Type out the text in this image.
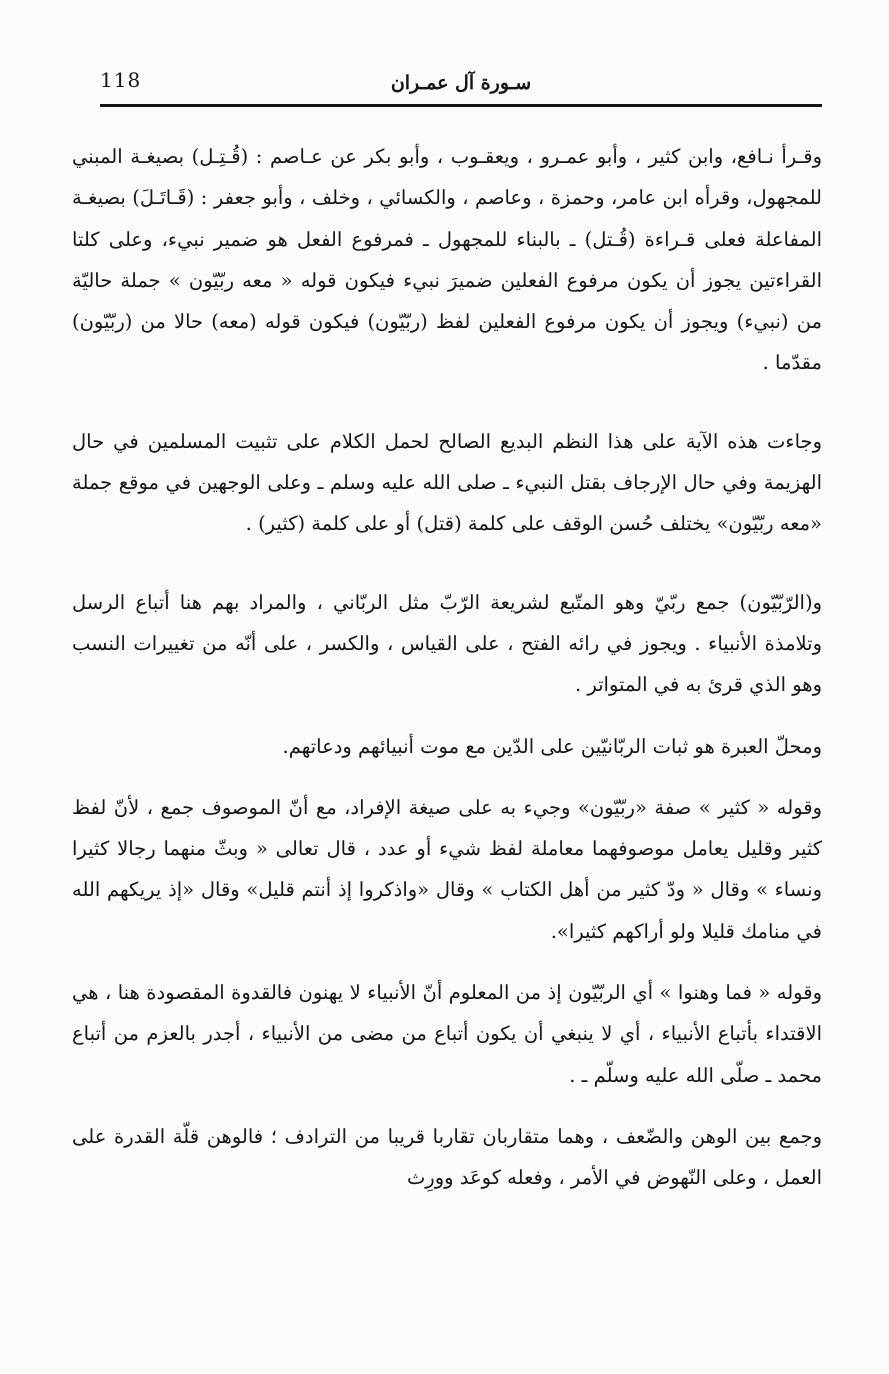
118	سـورة آل عمـران

وقـرأ نـافع، وابن كثير ، وأبو عمـرو ، ويعقـوب ، وأبو بكر عن عـاصم : (قُـتِـل) بصيغـة المبني للمجهول، وقرأه ابن عامر، وحمزة ، وعاصم ، والكسائي ، وخلف ، وأبو جعفر : (قَـاتَـلَ) بصيغـة المفاعلة فعلى قـراءة (قُـتل) ـ بالبناء للمجهول ـ فمرفوع الفعل هو ضمير نبيء، وعلى كلتا القراءتين يجوز أن يكون مرفوع الفعلين ضميرَ نبيء فيكون قوله « معه ربّيّون » جملة حاليّة من (نبيء) ويجوز أن يكون مرفوع الفعلين لفظ (ربّيّون) فيكون قوله (معه) حالا من (ربّيّون) مقدّما .

وجاءت هذه الآية على هذا النظم البديع الصالح لحمل الكلام على تثبيت المسلمين في حال الهزيمة وفي حال الإرجاف بقتل النبيء ـ صلى الله عليه وسلم ـ وعلى الوجهين في موقع جملة «معه ربّيّون» يختلف حُسن الوقف على كلمة (قتل) أو على كلمة (كثير) .

و(الرّبّيّون) جمع ربّيّ وهو المتّبع لشريعة الرّبّ مثل الربّاني ، والمراد بهم هنا أتباع الرسل وتلامذة الأنبياء . ويجوز في رائه الفتح ، على القياس ، والكسر ، على أنّه من تغييرات النسب وهو الذي قرئ به في المتواتر .

ومحلّ العبرة هو ثبات الربّانيّين على الدّين مع موت أنبيائهم ودعاتهم.

وقوله « كثير » صفة «ربّيّون» وجيء به على صيغة الإفراد، مع أنّ الموصوف جمع ، لأنّ لفظ كثير وقليل يعامل موصوفهما معاملة لفظ شيء أو عدد ، قال تعالى « وبثّ منهما رجالا كثيرا ونساء » وقال « ودّ كثير من أهل الكتاب » وقال «واذكروا إذ أنتم قليل» وقال «إذ يريكهم الله في منامك قليلا ولو أراكهم كثيرا».

وقوله « فما وهنوا » أي الربّيّون إذ من المعلوم أنّ الأنبياء لا يهنون فالقدوة المقصودة هنا ، هي الاقتداء بأتباع الأنبياء ، أي لا ينبغي أن يكون أتباع من مضى من الأنبياء ، أجدر بالعزم من أتباع محمد ـ صلّى الله عليه وسلّم ـ .

وجمع بين الوهن والضّعف ، وهما متقاربان تقاربا قريبا من الترادف ؛ فالوهن قلّة القدرة على العمل ، وعلى النّهوض في الأمر ، وفعله كوعَد وورِث
